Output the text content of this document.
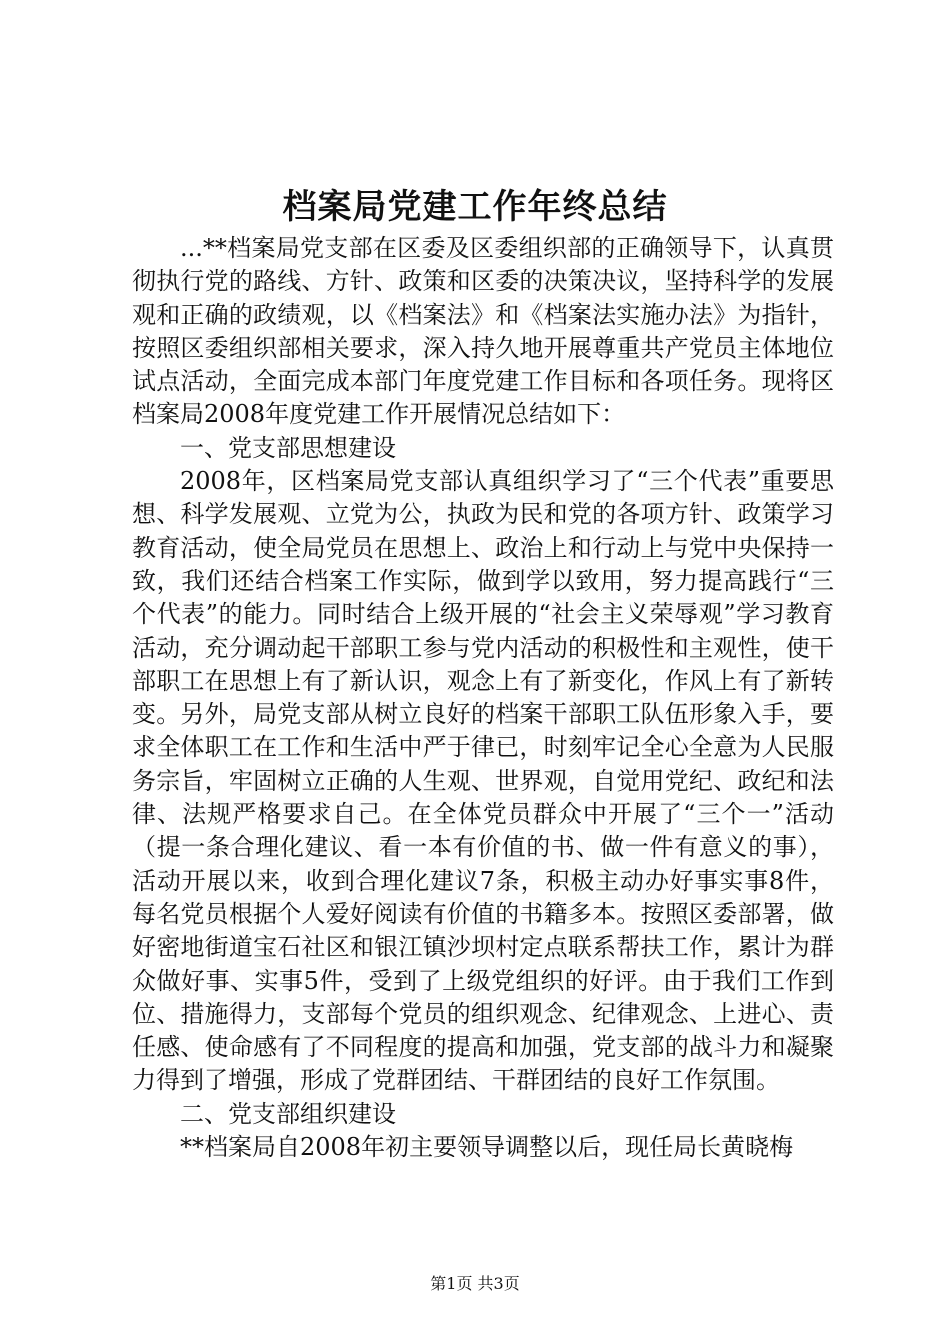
档案局党建工作年终总结

...**档案局党支部在区委及区委组织部的正确领导下，认真贯彻执行党的路线、方针、政策和区委的决策决议，坚持科学的发展观和正确的政绩观，以《档案法》和《档案法实施办法》为指针，按照区委组织部相关要求，深入持久地开展尊重共产党员主体地位试点活动，全面完成本部门年度党建工作目标和各项任务。现将区档案局2008年度党建工作开展情况总结如下：

一、党支部思想建设

2008年，区档案局党支部认真组织学习了“三个代表”重要思想、科学发展观、立党为公，执政为民和党的各项方针、政策学习教育活动，使全局党员在思想上、政治上和行动上与党中央保持一致，我们还结合档案工作实际，做到学以致用，努力提高践行“三个代表”的能力。同时结合上级开展的“社会主义荣辱观”学习教育活动，充分调动起干部职工参与党内活动的积极性和主观性，使干部职工在思想上有了新认识，观念上有了新变化，作风上有了新转变。另外，局党支部从树立良好的档案干部职工队伍形象入手，要求全体职工在工作和生活中严于律已，时刻牢记全心全意为人民服务宗旨，牢固树立正确的人生观、世界观，自觉用党纪、政纪和法律、法规严格要求自己。在全体党员群众中开展了“三个一”活动（提一条合理化建议、看一本有价值的书、做一件有意义的事），活动开展以来，收到合理化建议7条，积极主动办好事实事8件，每名党员根据个人爱好阅读有价值的书籍多本。按照区委部署，做好密地街道宝石社区和银江镇沙坝村定点联系帮扶工作，累计为群众做好事、实事5件，受到了上级党组织的好评。由于我们工作到位、措施得力，支部每个党员的组织观念、纪律观念、上进心、责任感、使命感有了不同程度的提高和加强，党支部的战斗力和凝聚力得到了增强，形成了党群团结、干群团结的良好工作氛围。

二、党支部组织建设

**档案局自2008年初主要领导调整以后，现任局长黄晓梅

第1页 共3页
